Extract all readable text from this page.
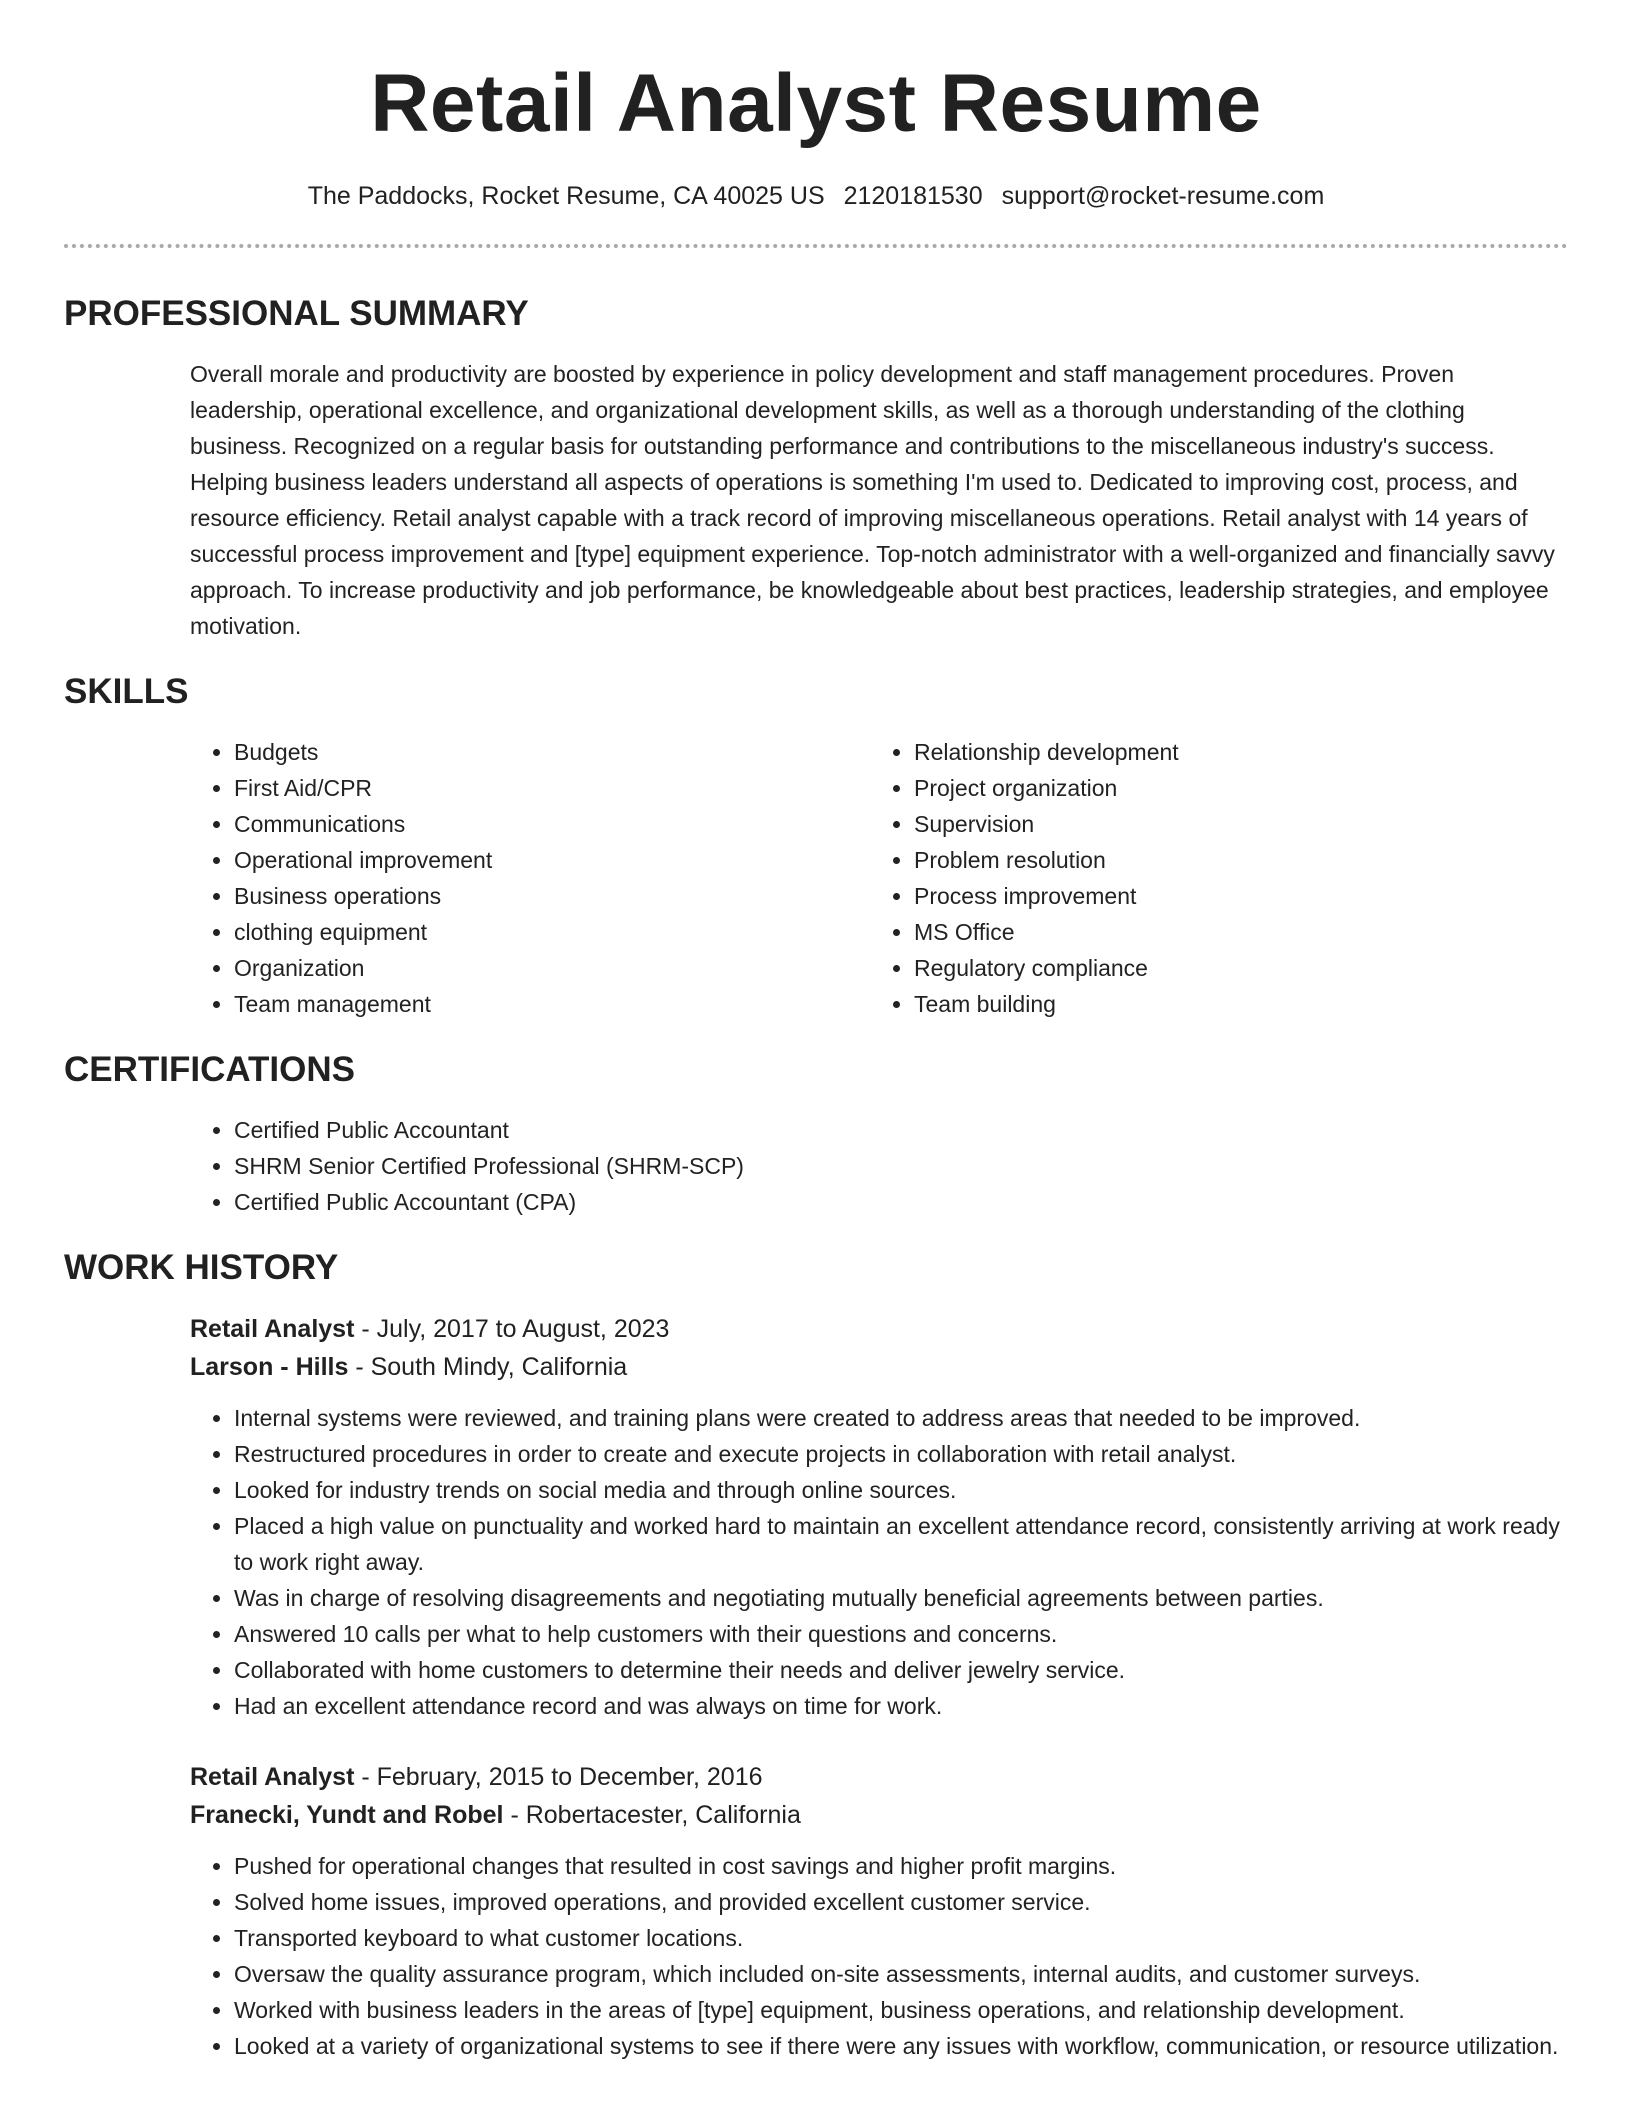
Retail Analyst Resume
The Paddocks, Rocket Resume, CA 40025 US 2120181530 support@rocket-resume.com
PROFESSIONAL SUMMARY

Overall morale and productivity are boosted by experience in policy development and staff management procedures. Proven leadership, operational excellence, and organizational development skills, as well as a thorough understanding of the clothing business. Recognized on a regular basis for outstanding performance and contributions to the miscellaneous industry's success. Helping business leaders understand all aspects of operations is something I'm used to. Dedicated to improving cost, process, and resource efficiency. Retail analyst capable with a track record of improving miscellaneous operations. Retail analyst with 14 years of successful process improvement and [type] equipment experience. Top-notch administrator with a well-organized and financially savvy approach. To increase productivity and job performance, be knowledgeable about best practices, leadership strategies, and employee motivation.

SKILLS
• Budgets
• First Aid/CPR
• Communications
• Operational improvement
• Business operations
• clothing equipment
• Organization
• Team management
• Relationship development
• Project organization
• Supervision
• Problem resolution
• Process improvement
• MS Office
• Regulatory compliance
• Team building
CERTIFICATIONS
• Certified Public Accountant
• SHRM Senior Certified Professional (SHRM-SCP)
• Certified Public Accountant (CPA)
WORK HISTORY
Retail Analyst - July, 2017 to August, 2023
Larson - Hills - South Mindy, California
• Internal systems were reviewed, and training plans were created to address areas that needed to be improved.
• Restructured procedures in order to create and execute projects in collaboration with retail analyst.
• Looked for industry trends on social media and through online sources.
• Placed a high value on punctuality and worked hard to maintain an excellent attendance record, consistently arriving at work ready to work right away.
• Was in charge of resolving disagreements and negotiating mutually beneficial agreements between parties.
• Answered 10 calls per what to help customers with their questions and concerns.
• Collaborated with home customers to determine their needs and deliver jewelry service.
• Had an excellent attendance record and was always on time for work.
Retail Analyst - February, 2015 to December, 2016
Franecki, Yundt and Robel - Robertacester, California
• Pushed for operational changes that resulted in cost savings and higher profit margins.
• Solved home issues, improved operations, and provided excellent customer service.
• Transported keyboard to what customer locations.
• Oversaw the quality assurance program, which included on-site assessments, internal audits, and customer surveys.
• Worked with business leaders in the areas of [type] equipment, business operations, and relationship development.
• Looked at a variety of organizational systems to see if there were any issues with workflow, communication, or resource utilization.
